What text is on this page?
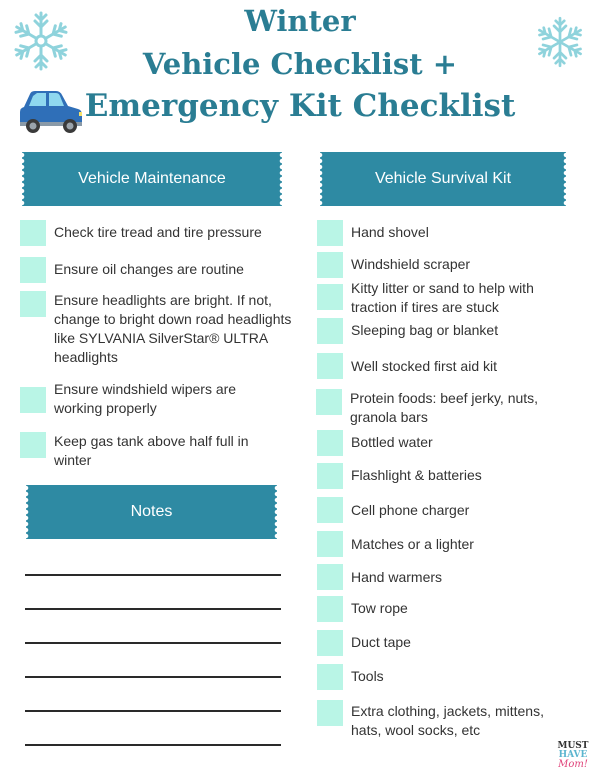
Winter
Vehicle Checklist +
Emergency Kit Checklist
Vehicle Maintenance
Check tire tread and tire pressure
Ensure oil changes are routine
Ensure headlights are bright. If not, change to bright down road headlights like SYLVANIA SilverStar® ULTRA headlights
Ensure windshield wipers are working properly
Keep gas tank above half full in winter
Notes
Vehicle Survival Kit
Hand shovel
Windshield scraper
Kitty litter or sand to help with traction if tires are stuck
Sleeping bag or blanket
Well stocked first aid kit
Protein foods: beef jerky, nuts, granola bars
Bottled water
Flashlight & batteries
Cell phone charger
Matches or a lighter
Hand warmers
Tow rope
Duct tape
Tools
Extra clothing, jackets, mittens, hats, wool socks, etc
MUST
HAVE
Mom!
